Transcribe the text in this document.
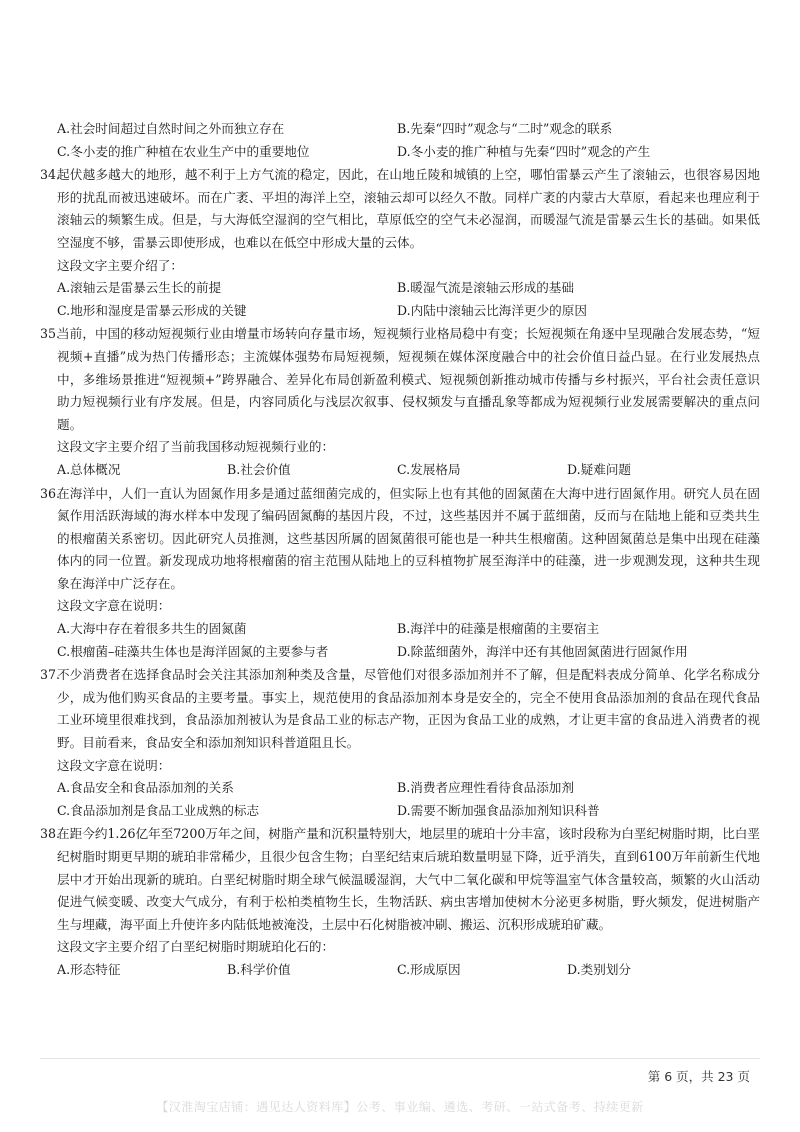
A.社会时间超过自然时间之外而独立存在	B.先秦“四时”观念与“二时”观念的联系
C.冬小麦的推广种植在农业生产中的重要地位	D.冬小麦的推广种植与先秦“四时”观念的产生
34.
起伏越多越大的地形，越不利于上方气流的稳定，因此，在山地丘陵和城镇的上空，哪怕雷暴云产生了滚轴云，也很容易因地形的扰乱而被迅速破坏。而在广袤、平坦的海洋上空，滚轴云却可以经久不散。同样广袤的内蒙古大草原，看起来也理应利于滚轴云的频繁生成。但是，与大海低空湿润的空气相比，草原低空的空气未必湿润，而暖湿气流是雷暴云生长的基础。如果低空湿度不够，雷暴云即使形成，也难以在低空中形成大量的云体。
这段文字主要介绍了：
A.滚轴云是雷暴云生长的前提	B.暖湿气流是滚轴云形成的基础
C.地形和湿度是雷暴云形成的关键	D.内陆中滚轴云比海洋更少的原因
35.
当前，中国的移动短视频行业由增量市场转向存量市场，短视频行业格局稳中有变；长短视频在角逐中呈现融合发展态势，“短视频+直播”成为热门传播形态；主流媒体强势布局短视频，短视频在媒体深度融合中的社会价值日益凸显。在行业发展热点中，多维场景推进“短视频+”跨界融合、差异化布局创新盈利模式、短视频创新推动城市传播与乡村振兴，平台社会责任意识助力短视频行业有序发展。但是，内容同质化与浅层次叙事、侵权频发与直播乱象等都成为短视频行业发展需要解决的重点问题。
这段文字主要介绍了当前我国移动短视频行业的：
A.总体概况	B.社会价值	C.发展格局	D.疑难问题
36.
在海洋中，人们一直认为固氮作用多是通过蓝细菌完成的，但实际上也有其他的固氮菌在大海中进行固氮作用。研究人员在固氮作用活跃海域的海水样本中发现了编码固氮酶的基因片段，不过，这些基因并不属于蓝细菌，反而与在陆地上能和豆类共生的根瘤菌关系密切。因此研究人员推测，这些基因所属的固氮菌很可能也是一种共生根瘤菌。这种固氮菌总是集中出现在硅藻体内的同一位置。新发现成功地将根瘤菌的宿主范围从陆地上的豆科植物扩展至海洋中的硅藻，进一步观测发现，这种共生现象在海洋中广泛存在。
这段文字意在说明：
A.大海中存在着很多共生的固氮菌	B.海洋中的硅藻是根瘤菌的主要宿主
C.根瘤菌–硅藻共生体也是海洋固氮的主要参与者	D.除蓝细菌外，海洋中还有其他固氮菌进行固氮作用
37.
不少消费者在选择食品时会关注其添加剂种类及含量，尽管他们对很多添加剂并不了解，但是配料表成分简单、化学名称成分少，成为他们购买食品的主要考量。事实上，规范使用的食品添加剂本身是安全的，完全不使用食品添加剂的食品在现代食品工业环境里很难找到，食品添加剂被认为是食品工业的标志产物，正因为食品工业的成熟，才让更丰富的食品进入消费者的视野。目前看来，食品安全和添加剂知识科普道阻且长。
这段文字意在说明：
A.食品安全和食品添加剂的关系	B.消费者应理性看待食品添加剂
C.食品添加剂是食品工业成熟的标志	D.需要不断加强食品添加剂知识科普
38.
在距今约1.26亿年至7200万年之间，树脂产量和沉积量特别大，地层里的琥珀十分丰富，该时段称为白垩纪树脂时期，比白垩纪树脂时期更早期的琥珀非常稀少，且很少包含生物；白垩纪结束后琥珀数量明显下降，近乎消失，直到6100万年前新生代地层中才开始出现新的琥珀。白垩纪树脂时期全球气候温暖湿润，大气中二氧化碳和甲烷等温室气体含量较高，频繁的火山活动促进气候变暖、改变大气成分，有利于松柏类植物生长，生物活跃、病虫害增加使树木分泌更多树脂，野火频发，促进树脂产生与埋藏，海平面上升使许多内陆低地被淹没，土层中石化树脂被冲刷、搬运、沉积形成琥珀矿藏。
这段文字主要介绍了白垩纪树脂时期琥珀化石的：
A.形态特征	B.科学价值	C.形成原因	D.类别划分
第 6 页，共 23 页
【汉淮淘宝店铺：遇见达人资料库】公考、事业编、遴选、考研、一站式备考、持续更新
